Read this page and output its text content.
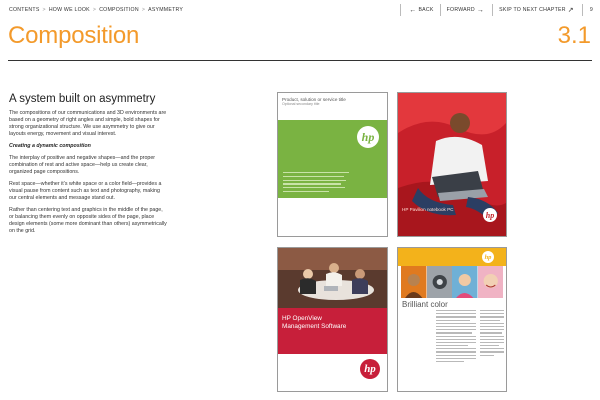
CONTENTS > HOW WE LOOK > COMPOSITION > ASYMMETRY	← BACK	FORWARD →	SKIP TO NEXT CHAPTER ↗	9
Composition	3.1
A system built on asymmetry

The compositions of our communications and 3D environments are based on a geometry of right angles and simple, bold shapes for strong organizational structure. We use asymmetry to give our layouts energy, movement and visual interest.

Creating a dynamic composition

The interplay of positive and negative shapes—and the proper combination of rest and active space—help us create clear, organized page compositions.

Rest space—whether it’s white space or a color field—provides a visual pause from content such as text and photography, making our central elements and message stand out.

Rather than centering text and graphics in the middle of the page, or balancing them evenly on opposite sides of the page, place design elements (some more dominant than others) asymmetrically on the grid.

Product, solution or service title
Optional secondary title
hp
HP Pavilion notebook PC
hp
HP OpenView
Management Software
hp
hp
Brilliant color
